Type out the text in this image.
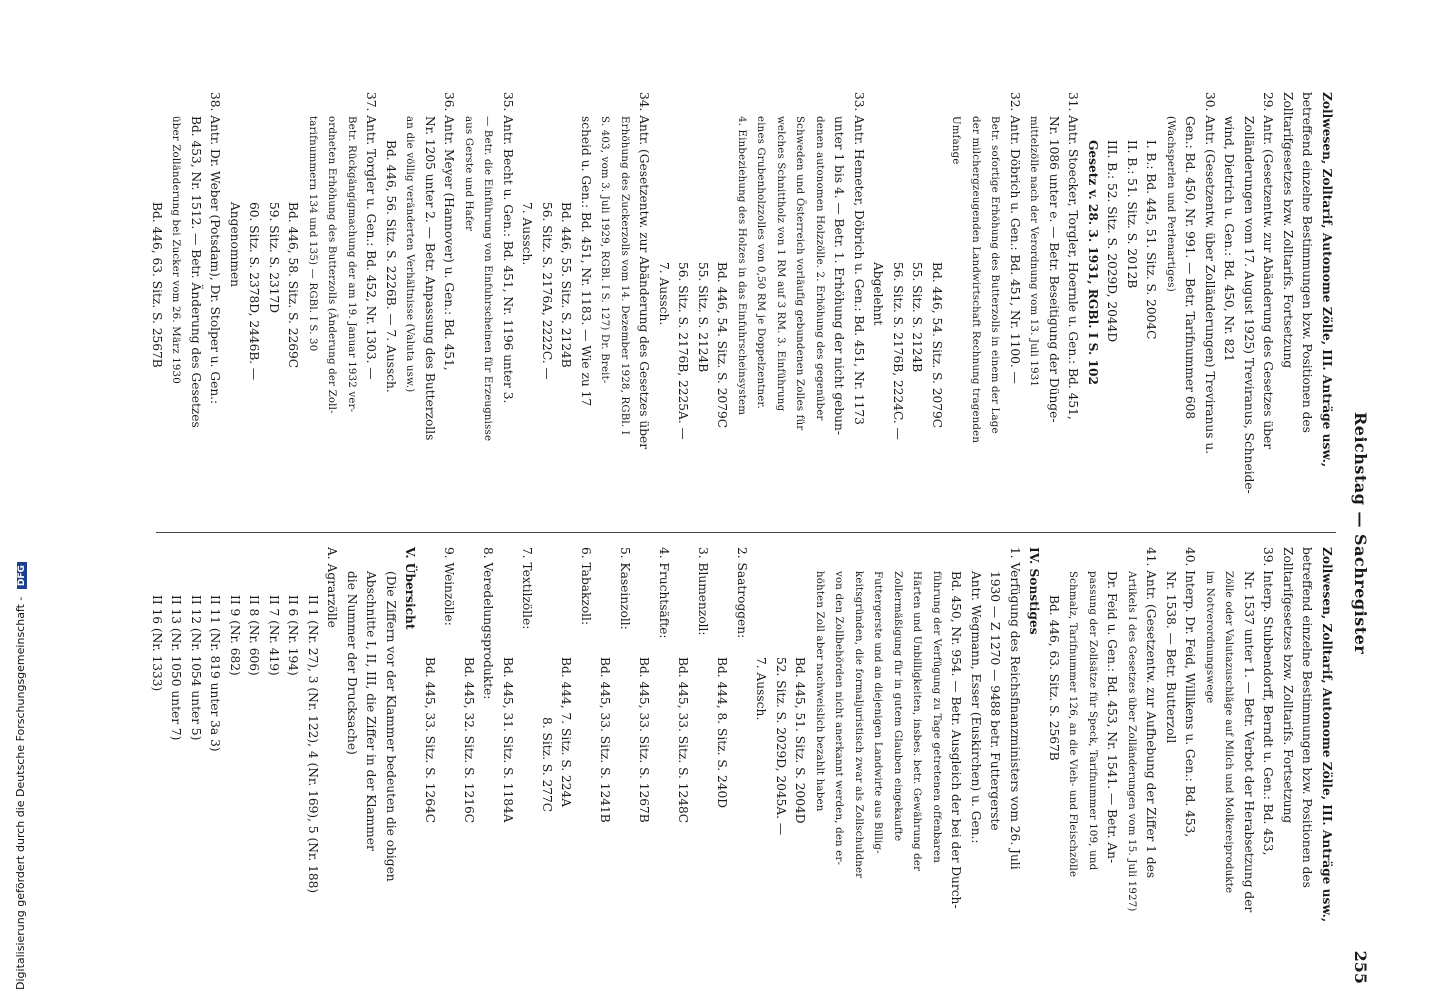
Reichstag — Sachregister
255
Zollwesen, Zolltarif, Autonome Zölle, III. Anträge usw.,
betreffend einzelne Bestimmungen bzw. Positionen des
Zolltarifgesetzes bzw. Zolltarifs. Fortsetzung
29. Antr. (Gesetzentw. zur Abänderung des Gesetzes über
Zolländerungen vom 17. August 1925) Treviranus, Schneide-
wind, Dietrich u. Gen.: Bd. 450, Nr. 821
30. Antr. (Gesetzentw. über Zolländerungen) Treviranus u.
Gen.: Bd. 450, Nr. 991. — Betr. Tarifnummer 608
(Wachsperlen und Perlenartiges)
I. B.: Bd. 445, 51. Sitz. S. 2004C
II. B.: 51. Sitz. S. 2012B
III. B.: 52. Sitz. S. 2029D, 2044D
Gesetz v. 28. 3. 1931, RGBl. I S. 102
31. Antr. Stoecker, Torgler, Hoernle u. Gen.: Bd. 451,
Nr. 1086 unter e. — Betr. Beseitigung der Dünge-
mittelzölle nach der Verordnung vom 13. Juli 1931
32. Antr. Döbrich u. Gen.: Bd. 451, Nr. 1100. —
Betr. sofortige Erhöhung des Butterzolls in einem der Lage
der milchergzeugenden Landwirtschaft Rechnung tragenden
Umfange
Bd. 446, 54. Sitz. S. 2079C
55. Sitz. S. 2124B
56. Sitz. S. 2176B, 2224C. —
Abgelehnt
33. Antr. Hemeter, Döbrich u. Gen.: Bd. 451, Nr. 1173
unter 1 bis 4. — Betr. 1. Erhöhung der nicht gebun-
denen autonomen Holzzölle. 2. Erhöhung des gegenüber
Schweden und Österreich vorläufig gebundenen Zolles für
welches Schnittholz von 1 RM auf 3 RM. 3. Einführung
eines Grubenholzzolles von 0,50 RM je Doppelzentner.
4. Einbeziehung des Holzes in das Einfuhrscheinsystem
Bd. 446, 54. Sitz. S. 2079C
55. Sitz. S. 2124B
56. Sitz. S. 2176B, 2225A. —
7. Aussch.
34. Antr. (Gesetzentw. zur Abänderung des Gesetzes über
Erhöhung des Zuckerzolls vom 14. Dezember 1928, RGBl. I
S. 403, vom 3. Juli 1929, RGBl. I S. 127) Dr. Breit-
scheid u. Gen.: Bd. 451, Nr. 1183. — Wie zu 17
Bd. 446, 55. Sitz. S. 2124B
56. Sitz. S. 2176A, 2222C. —
7. Aussch.
35. Antr. Becht u. Gen.: Bd. 451, Nr. 1196 unter 3.
— Betr. die Einführung von Einfuhrscheinen für Erzeugnisse
aus Gerste und Hafer
36. Antr. Meyer (Hannover) u. Gen.: Bd. 451,
Nr. 1205 unter 2. — Betr. Anpassung des Butterzolls
an die völlig veränderten Verhältnisse (Valuta usw.)
Bd. 446, 56. Sitz. S. 2226B. — 7. Aussch.
37. Antr. Torgler u. Gen.: Bd. 452, Nr. 1303. —
Betr. Rückgängigmachung der am 19. Januar 1932 ver-
ordneten Erhöhung des Butterzolls (Änderung der Zoll-
tarifnummern 134 und 135) — RGBl. I S. 30
Bd. 446, 58. Sitz. S. 2269C
59. Sitz. S. 2317D
60. Sitz. S. 2378D, 2446B. —
Angenommen
38. Antr. Dr. Weber (Potsdam), Dr. Stolper u. Gen.:
Bd. 453, Nr. 1512. — Betr. Änderung des Gesetzes
über Zolländerung bei Zucker vom 26. März 1930
Bd. 446, 63. Sitz. S. 2567B
Zollwesen, Zolltarif, Autonome Zölle, III. Anträge usw.,
betreffend einzelne Bestimmungen bzw. Positionen des
Zolltarifgesetzes bzw. Zolltarifs. Fortsetzung
39. Interp. Stubbendorff, Berndt u. Gen.: Bd. 453,
Nr. 1537 unter 1. — Betr. Verbot der Herabsetzung der
Zölle oder Valutazuschläge auf Milch und Molkereiprodukte
im Notverordnungswege
40. Interp. Dr. Feid, Willikens u. Gen.: Bd. 453,
Nr. 1538. — Betr. Butterzoll
41. Antr. (Gesetzentw. zur Aufhebung der Ziffer 1 des
Artikels I des Gesetzes über Zolländerungen vom 15. Juli 1927)
Dr. Feid u. Gen.: Bd. 453, Nr. 1541. — Betr. An-
passung der Zollsätze für Speck, Tarifnummer 109, und
Schmalz, Tarifnummer 126, an die Vieh- und Fleischzölle
Bd. 446, 63. Sitz. S. 2567B
IV. Sonstiges
1. Verfügung des Reichsfinanzministers vom 26. Juli
1930 — Z 1270 — 9488 betr. Futtergerste
Antr. Wegmann, Esser (Euskirchen) u. Gen.:
Bd. 450, Nr. 954. — Betr. Ausgleich der bei der Durch-
führung der Verfügung zu Tage getretenen offenbaren
Härten und Unbilligkeiten, insbes. betr. Gewährung der
Zollermäßigung für in gutem Glauben eingekaufte
Futtergerste und an diejenigen Landwirte aus Billig-
keitsgründen, die formaljuristisch zwar als Zollschuldner
von den Zollbehörden nicht anerkannt werden, den er-
höhten Zoll aber nachweislich bezahlt haben
Bd. 445, 51. Sitz. S. 2004D
52. Sitz. S. 2029D, 2045A. —
7. Aussch.
2. Saatroggen:
Bd. 444, 8. Sitz. S. 240D
3. Blumenzoll:
Bd. 445, 33. Sitz. S. 1248C
4. Fruchtsäfte:
Bd. 445, 33. Sitz. S. 1267B
5. Kaseinzoll:
Bd. 445, 33. Sitz. S. 1241B
6. Tabakzoll:
Bd. 444, 7. Sitz. S. 224A
8. Sitz. S. 277C
7. Textilzölle:
Bd. 445, 31. Sitz. S. 1184A
8. Veredelungsprodukte:
Bd. 445, 32. Sitz. S. 1216C
9. Weinzölle:
Bd. 445, 33. Sitz. S. 1264C
V. Übersicht
(Die Ziffern vor der Klammer bedeuten die obigen
Abschnitte I, II, III, die Ziffer in der Klammer
die Nummer der Drucksache)
A. Agrarzölle
II 1 (Nr. 27), 3 (Nr. 122), 4 (Nr. 169), 5 (Nr. 188)
II 6 (Nr. 194)
II 7 (Nr. 419)
II 8 (Nr. 606)
II 9 (Nr. 682)
II 11 (Nr. 819 unter 3a 3)
II 12 (Nr. 1054 unter 5)
II 13 (Nr. 1050 unter 7)
II 16 (Nr. 1333)
Digitalisierung gefördert durch die Deutsche Forschungsgemeinschaft - DFG
